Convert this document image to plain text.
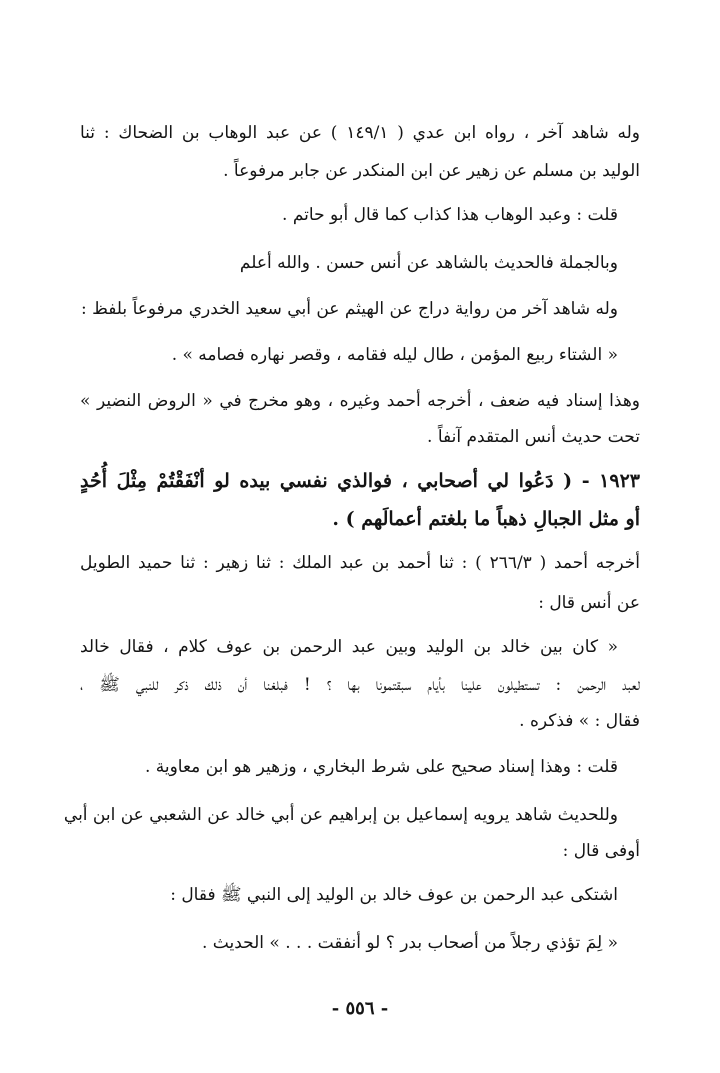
وله شاهد آخر ، رواه ابن عدي ( ١٤٩/١ ) عن عبد الوهاب بن الضحاك : ثنا
الوليد بن مسلم عن زهير عن ابن المنكدر عن جابر مرفوعاً .
قلت : وعبد الوهاب هذا كذاب كما قال أبو حاتم .
وبالجملة فالحديث بالشاهد عن أنس حسن . والله أعلم
وله شاهد آخر من رواية دراج عن الهيثم عن أبي سعيد الخدري مرفوعاً بلفظ :
« الشتاء ربيع المؤمن ، طال ليله فقامه ، وقصر نهاره فصامه » .
وهذا إسناد فيه ضعف ، أخرجه أحمد وغيره ، وهو مخرج في « الروض النضير »
تحت حديث أنس المتقدم آنفاً .
١٩٢٣ - ( دَعُوا لي أصحابي ، فوالذي نفسي بيده لو أنْفَقْتُمْ مِثْلَ أُحُدٍ
أو مثل الجبالِ ذهباً ما بلغتم أعمالَهم ) .
أخرجه أحمد ( ٢٦٦/٣ ) : ثنا أحمد بن عبد الملك : ثنا زهير : ثنا حميد الطويل
عن أنس قال :
« كان بين خالد بن الوليد وبين عبد الرحمن بن عوف كلام ، فقال خالد
لعبد الرحمن : تستطيلون علينا بأيام سبقتمونا بها ؟ ! فبلغنا أن ذلك ذكر للنبي ﷺ ،
فقال : » فذكره .
قلت : وهذا إسناد صحيح على شرط البخاري ، وزهير هو ابن معاوية .
وللحديث شاهد يرويه إسماعيل بن إبراهيم عن أبي خالد عن الشعبي عن ابن أبي
أوفى قال :
اشتكى عبد الرحمن بن عوف خالد بن الوليد إلى النبي ﷺ فقال :
« لِمَ تؤذي رجلاً من أصحاب بدر ؟ لو أنفقت . . . » الحديث .
- ٥٥٦ -
